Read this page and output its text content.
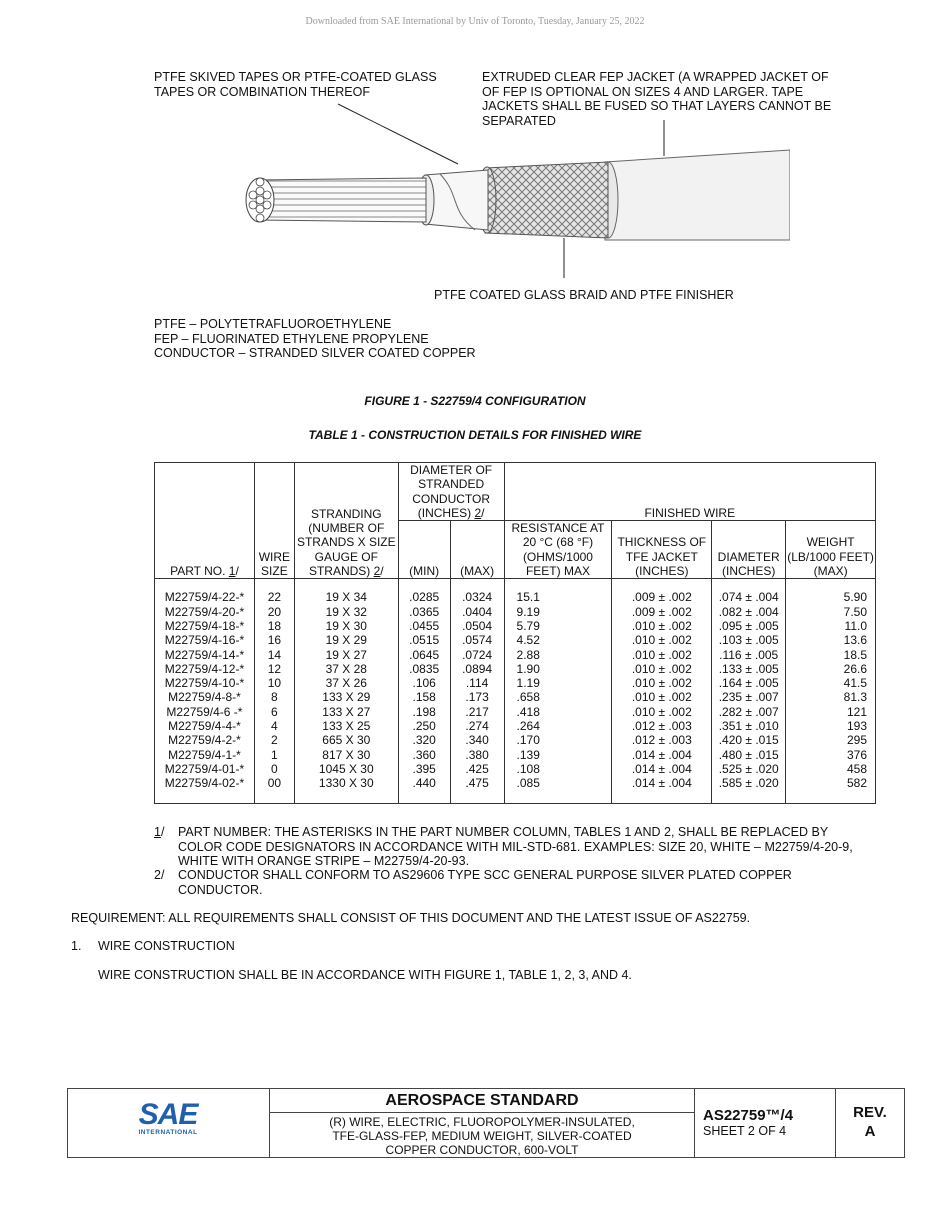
Downloaded from SAE International by Univ of Toronto, Tuesday, January 25, 2022
PTFE SKIVED TAPES OR PTFE-COATED GLASS
TAPES OR COMBINATION THEREOF
EXTRUDED CLEAR FEP JACKET (A WRAPPED JACKET OF
OF FEP IS OPTIONAL ON SIZES 4 AND LARGER. TAPE
JACKETS SHALL BE FUSED SO THAT LAYERS CANNOT BE
SEPARATED
PTFE COATED GLASS BRAID AND PTFE FINISHER
PTFE – POLYTETRAFLUOROETHYLENE
FEP – FLUORINATED ETHYLENE PROPYLENE
CONDUCTOR – STRANDED SILVER COATED COPPER
FIGURE 1 - S22759/4 CONFIGURATION
TABLE 1 - CONSTRUCTION DETAILS FOR FINISHED WIRE
PART NO. 1/	WIRE SIZE	STRANDING (NUMBER OF STRANDS X SIZE GAUGE OF STRANDS) 2/	DIAMETER OF STRANDED CONDUCTOR (INCHES) 2/		FINISHED WIRE			
			(MIN)	(MAX)	RESISTANCE AT 20 °C (68 °F) (OHMS/1000 FEET) MAX	THICKNESS OF TFE JACKET (INCHES)	DIAMETER (INCHES)	WEIGHT (LB/1000 FEET) (MAX)
M22759/4-22-*	22	19 X 34	.0285	.0324	15.1	.009 ± .002	.074 ± .004	5.90
M22759/4-20-*	20	19 X 32	.0365	.0404	9.19	.009 ± .002	.082 ± .004	7.50
M22759/4-18-*	18	19 X 30	.0455	.0504	5.79	.010 ± .002	.095 ± .005	11.0
M22759/4-16-*	16	19 X 29	.0515	.0574	4.52	.010 ± .002	.103 ± .005	13.6
M22759/4-14-*	14	19 X 27	.0645	.0724	2.88	.010 ± .002	.116 ± .005	18.5
M22759/4-12-*	12	37 X 28	.0835	.0894	1.90	.010 ± .002	.133 ± .005	26.6
M22759/4-10-*	10	37 X 26	.106	.114	1.19	.010 ± .002	.164 ± .005	41.5
M22759/4-8-*	8	133 X 29	.158	.173	.658	.010 ± .002	.235 ± .007	81.3
M22759/4-6 -*	6	133 X 27	.198	.217	.418	.010 ± .002	.282 ± .007	121
M22759/4-4-*	4	133 X 25	.250	.274	.264	.012 ± .003	.351 ± .010	193
M22759/4-2-*	2	665 X 30	.320	.340	.170	.012 ± .003	.420 ± .015	295
M22759/4-1-*	1	817 X 30	.360	.380	.139	.014 ± .004	.480 ± .015	376
M22759/4-01-*	0	1045 X 30	.395	.425	.108	.014 ± .004	.525 ± .020	458
M22759/4-02-*	00	1330 X 30	.440	.475	.085	.014 ± .004	.585 ± .020	582
1/ PART NUMBER: THE ASTERISKS IN THE PART NUMBER COLUMN, TABLES 1 AND 2, SHALL BE REPLACED BY
COLOR CODE DESIGNATORS IN ACCORDANCE WITH MIL-STD-681. EXAMPLES: SIZE 20, WHITE – M22759/4-20-9,
WHITE WITH ORANGE STRIPE – M22759/4-20-93.
2/ CONDUCTOR SHALL CONFORM TO AS29606 TYPE SCC GENERAL PURPOSE SILVER PLATED COPPER
CONDUCTOR.
REQUIREMENT: ALL REQUIREMENTS SHALL CONSIST OF THIS DOCUMENT AND THE LATEST ISSUE OF AS22759.
1. WIRE CONSTRUCTION
WIRE CONSTRUCTION SHALL BE IN ACCORDANCE WITH FIGURE 1, TABLE 1, 2, 3, AND 4.
SAE
INTERNATIONAL
AEROSPACE STANDARD
(R) WIRE, ELECTRIC, FLUOROPOLYMER-INSULATED,
TFE-GLASS-FEP, MEDIUM WEIGHT, SILVER-COATED
COPPER CONDUCTOR, 600-VOLT
AS22759™/4
SHEET 2 OF 4
REV.
A
